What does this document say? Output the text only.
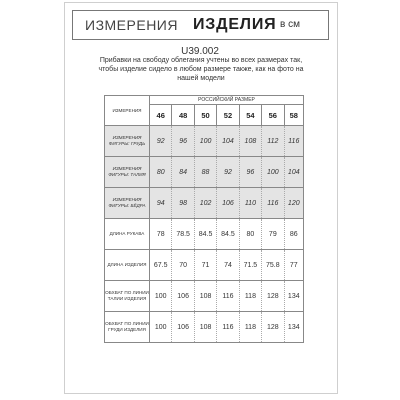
ИЗМЕРЕНИЯ ИЗДЕЛИЯ в см
U39.002
Прибавки на свободу облегания учтены во всех размерах так,
чтобы изделие сидело в любом размере также, как на фото на
нашей модели
ИЗМЕРЕНИЯ	РОССИЙСКИЙ РАЗМЕР						
	46	48	50	52	54	56	58
ИЗМЕРЕНИЯ ФИГУРЫ: ГРУДЬ	92	96	100	104	108	112	116
ИЗМЕРЕНИЯ ФИГУРЫ: ТАЛИЯ	80	84	88	92	96	100	104
ИЗМЕРЕНИЯ ФИГУРЫ: БЁДРА	94	98	102	106	110	116	120
ДЛИНА РУКАВА	78	78.5	84.5	84.5	80	79	86
ДЛИНА ИЗДЕЛИЯ	67.5	70	71	74	71.5	75.8	77
ОБХВАТ ПО ЛИНИИ ТАЛИИ ИЗДЕЛИЯ	100	106	108	116	118	128	134
ОБХВАТ ПО ЛИНИИ ГРУДИ ИЗДЕЛИЯ	100	106	108	116	118	128	134
